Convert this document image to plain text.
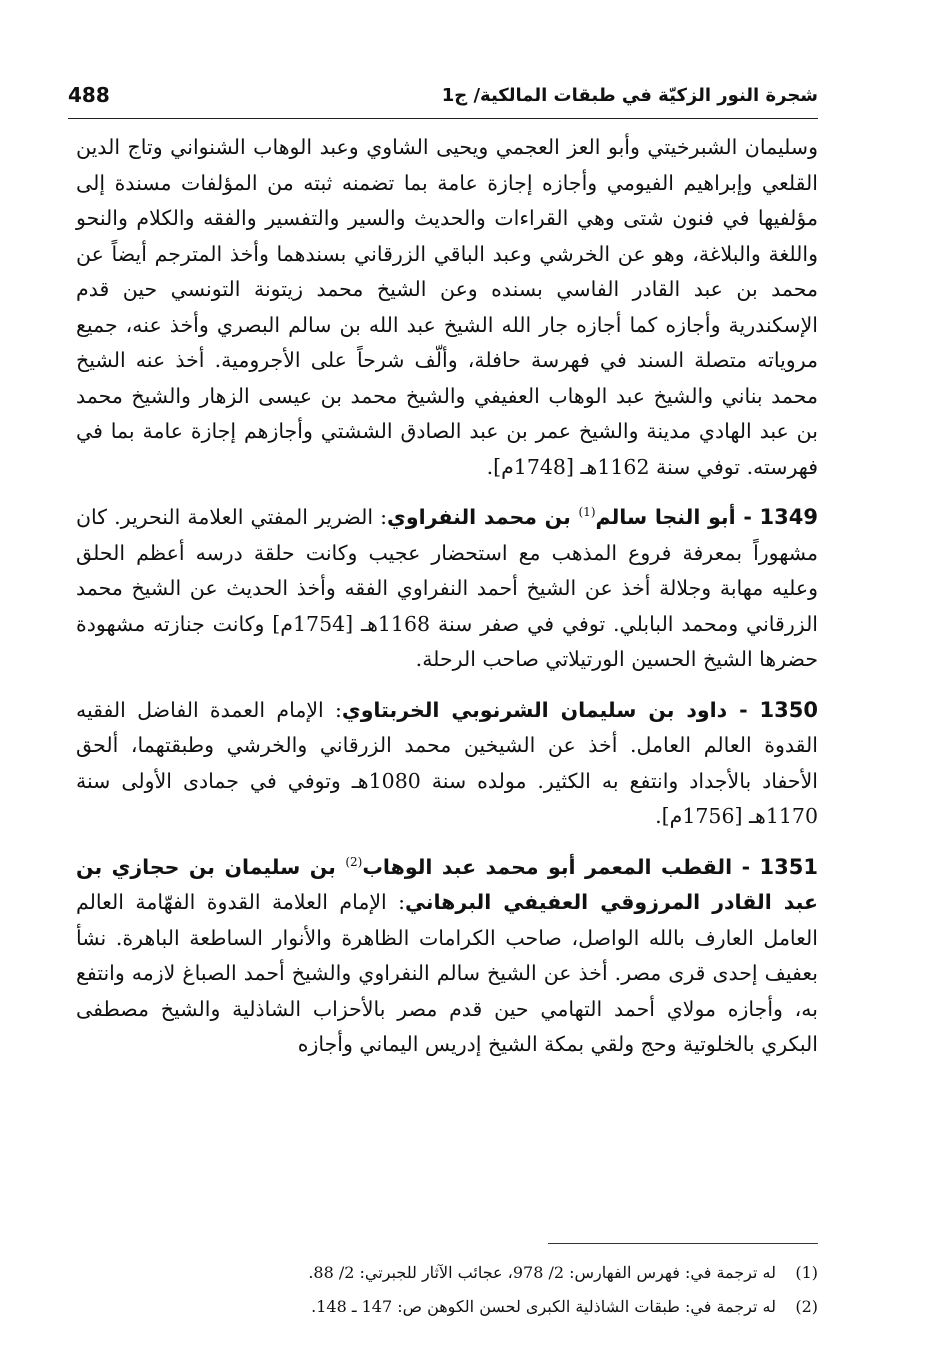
488	شجرة النور الزكيّة في طبقات المالكية/ ج1

وسليمان الشبرخيتي وأبو العز العجمي ويحيى الشاوي وعبد الوهاب الشنواني وتاج الدين القلعي وإبراهيم الفيومي وأجازه إجازة عامة بما تضمنه ثبته من المؤلفات مسندة إلى مؤلفيها في فنون شتى وهي القراءات والحديث والسير والتفسير والفقه والكلام والنحو واللغة والبلاغة، وهو عن الخرشي وعبد الباقي الزرقاني بسندهما وأخذ المترجم أيضاً عن محمد بن عبد القادر الفاسي بسنده وعن الشيخ محمد زيتونة التونسي حين قدم الإسكندرية وأجازه كما أجازه جار الله الشيخ عبد الله بن سالم البصري وأخذ عنه، جميع مروياته متصلة السند في فهرسة حافلة، وألّف شرحاً على الأجرومية. أخذ عنه الشيخ محمد بناني والشيخ عبد الوهاب العفيفي والشيخ محمد بن عيسى الزهار والشيخ محمد بن عبد الهادي مدينة والشيخ عمر بن عبد الصادق الششتي وأجازهم إجازة عامة بما في فهرسته. توفي سنة 1162هـ [1748م].

1349 - أبو النجا سالم$^{(1)}$ بن محمد النفراوي: الضرير المفتي العلامة النحرير. كان مشهوراً بمعرفة فروع المذهب مع استحضار عجيب وكانت حلقة درسه أعظم الحلق وعليه مهابة وجلالة أخذ عن الشيخ أحمد النفراوي الفقه وأخذ الحديث عن الشيخ محمد الزرقاني ومحمد البابلي. توفي في صفر سنة 1168هـ [1754م] وكانت جنازته مشهودة حضرها الشيخ الحسين الورتيلاتي صاحب الرحلة.

1350 - داود بن سليمان الشرنوبي الخربتاوي: الإمام العمدة الفاضل الفقيه القدوة العالم العامل. أخذ عن الشيخين محمد الزرقاني والخرشي وطبقتهما، ألحق الأحفاد بالأجداد وانتفع به الكثير. مولده سنة 1080هـ وتوفي في جمادى الأولى سنة 1170هـ [1756م].

1351 - القطب المعمر أبو محمد عبد الوهاب$^{(2)}$ بن سليمان بن حجازي بن عبد القادر المرزوقي العفيفي البرهاني: الإمام العلامة القدوة الفهّامة العالم العامل العارف بالله الواصل، صاحب الكرامات الظاهرة والأنوار الساطعة الباهرة. نشأ بعفيف إحدى قرى مصر. أخذ عن الشيخ سالم النفراوي والشيخ أحمد الصباغ لازمه وانتفع به، وأجازه مولاي أحمد التهامي حين قدم مصر بالأحزاب الشاذلية والشيخ مصطفى البكري بالخلوتية وحج ولقي بمكة الشيخ إدريس اليماني وأجازه

(1)له ترجمة في: فهرس الفهارس: 2/ 978، عجائب الآثار للجبرتي: 2/ 88.

(2)له ترجمة في: طبقات الشاذلية الكبرى لحسن الكوهن ص: 147 ـ 148.
